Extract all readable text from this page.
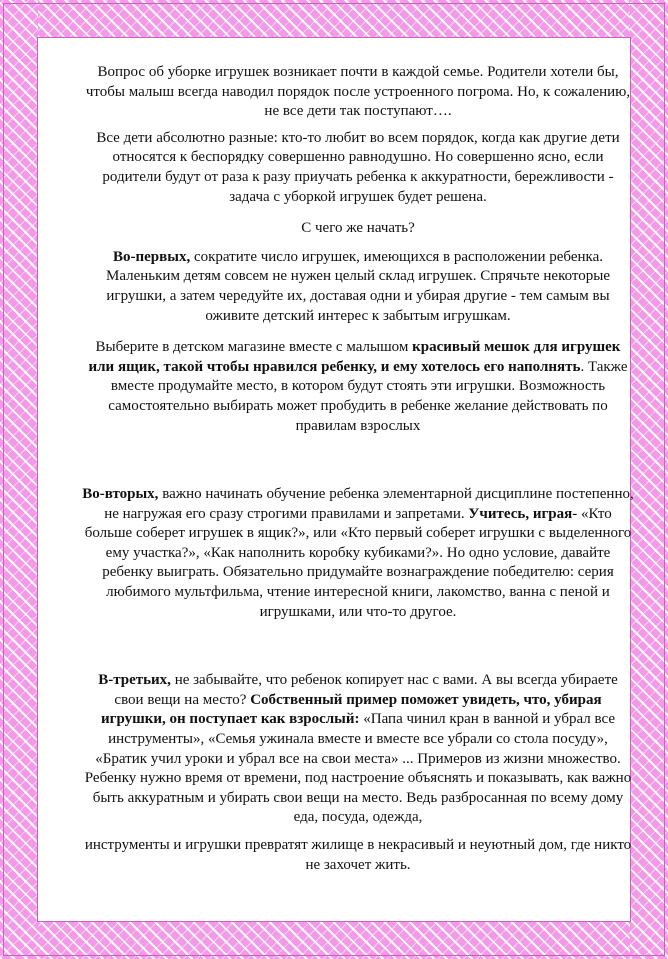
Вопрос об уборке игрушек возникает почти в каждой семье. Родители хотели бы, чтобы малыш всегда наводил порядок после устроенного погрома. Но, к сожалению, не все дети так поступают….

Все дети абсолютно разные: кто-то любит во всем порядок, когда как другие дети относятся к беспорядку совершенно равнодушно. Но совершенно ясно, если родители будут от раза к разу приучать ребенка к аккуратности, бережливости - задача с уборкой игрушек будет решена.

С чего же начать?

Во-первых, сократите число игрушек, имеющихся в расположении ребенка. Маленьким детям совсем не нужен целый склад игрушек. Спрячьте некоторые игрушки, а затем чередуйте их, доставая одни и убирая другие - тем самым вы оживите детский интерес к забытым игрушкам.

Выберите в детском магазине вместе с малышом красивый мешок для игрушек или ящик, такой чтобы нравился ребенку, и ему хотелось его наполнять. Также вместе продумайте место, в котором будут стоять эти игрушки. Возможность самостоятельно выбирать может пробудить в ребенке желание действовать по правилам взрослых

Во-вторых, важно начинать обучение ребенка элементарной дисциплине постепенно, не нагружая его сразу строгими правилами и запретами. Учитесь, играя- «Кто больше соберет игрушек в ящик?», или «Кто первый соберет игрушки с выделенного ему участка?», «Как наполнить коробку кубиками?». Но одно условие, давайте ребенку выиграть. Обязательно придумайте вознаграждение победителю: серия любимого мультфильма, чтение интересной книги, лакомство, ванна с пеной и игрушками, или что-то другое.

В-третьих, не забывайте, что ребенок копирует нас с вами. А вы всегда убираете свои вещи на место? Собственный пример поможет увидеть, что, убирая игрушки, он поступает как взрослый: «Папа чинил кран в ванной и убрал все инструменты», «Семья ужинала вместе и вместе все убрали со стола посуду», «Братик учил уроки и убрал все на свои места» ... Примеров из жизни множество. Ребенку нужно время от времени, под настроение объяснять и показывать, как важно быть аккуратным и убирать свои вещи на место. Ведь разбросанная по всему дому еда, посуда, одежда,

инструменты и игрушки превратят жилище в некрасивый и неуютный дом, где никто не захочет жить.
